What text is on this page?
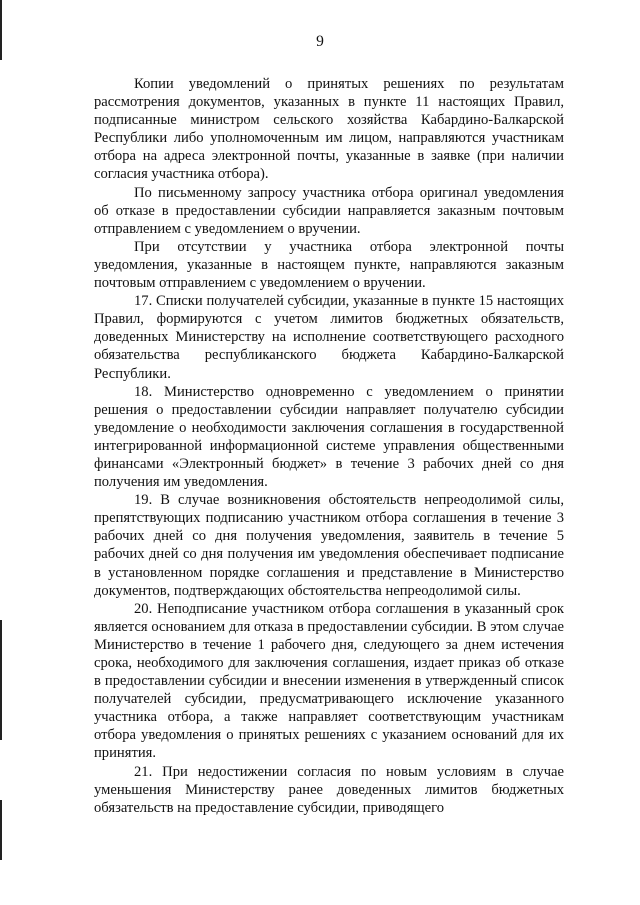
9

Копии уведомлений о принятых решениях по результатам рассмотрения документов, указанных в пункте 11 настоящих Правил, подписанные министром сельского хозяйства Кабардино-Балкарской Республики либо уполномоченным им лицом, направляются участникам отбора на адреса электронной почты, указанные в заявке (при наличии согласия участника отбора).

По письменному запросу участника отбора оригинал уведомления об отказе в предоставлении субсидии направляется заказным почтовым отправлением с уведомлением о вручении.

При отсутствии у участника отбора электронной почты уведомления, указанные в настоящем пункте, направляются заказным почтовым отправлением с уведомлением о вручении.

17. Списки получателей субсидии, указанные в пункте 15 настоящих Правил, формируются с учетом лимитов бюджетных обязательств, доведенных Министерству на исполнение соответствующего расходного обязательства республиканского бюджета Кабардино-Балкарской Республики.

18. Министерство одновременно с уведомлением о принятии решения о предоставлении субсидии направляет получателю субсидии уведомление о необходимости заключения соглашения в государственной интегрированной информационной системе управления общественными финансами «Электронный бюджет» в течение 3 рабочих дней со дня получения им уведомления.

19. В случае возникновения обстоятельств непреодолимой силы, препятствующих подписанию участником отбора соглашения в течение 3 рабочих дней со дня получения уведомления, заявитель в течение 5 рабочих дней со дня получения им уведомления обеспечивает подписание в установленном порядке соглашения и представление в Министерство документов, подтверждающих обстоятельства непреодолимой силы.

20. Неподписание участником отбора соглашения в указанный срок является основанием для отказа в предоставлении субсидии. В этом случае Министерство в течение 1 рабочего дня, следующего за днем истечения срока, необходимого для заключения соглашения, издает приказ об отказе в предоставлении субсидии и внесении изменения в утвержденный список получателей субсидии, предусматривающего исключение указанного участника отбора, а также направляет соответствующим участникам отбора уведомления о принятых решениях с указанием оснований для их принятия.

21. При недостижении согласия по новым условиям в случае уменьшения Министерству ранее доведенных лимитов бюджетных обязательств на предоставление субсидии, приводящего
